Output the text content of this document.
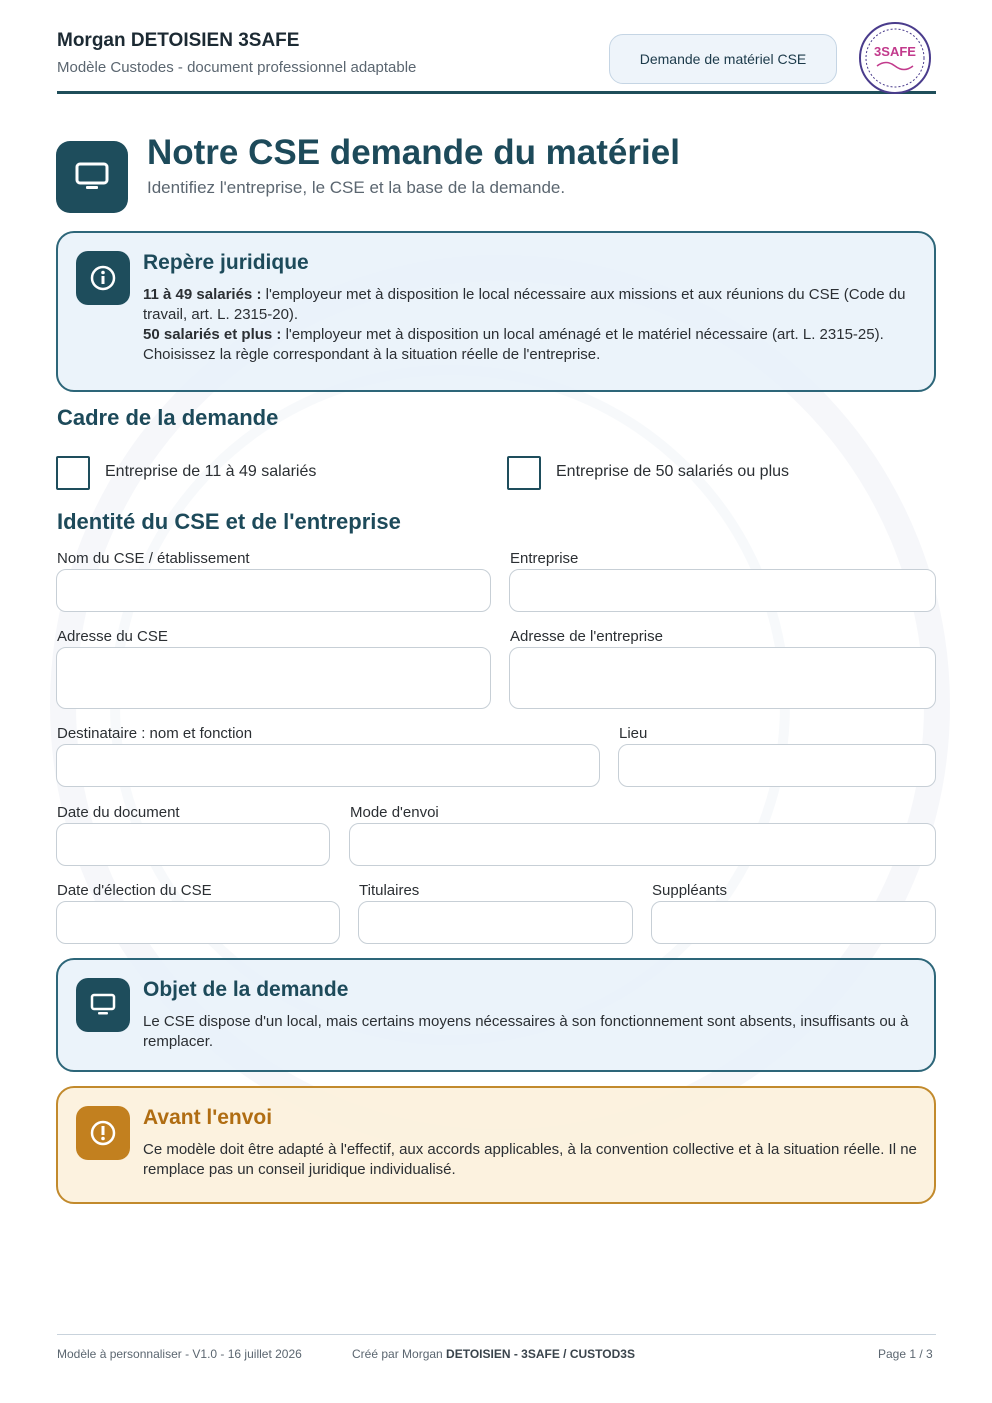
Morgan DETOISIEN 3SAFE
Modèle Custodes - document professionnel adaptable	Demande de matériel CSE	3SAFE
Notre CSE demande du matériel
Identifiez l'entreprise, le CSE et la base de la demande.
Repère juridique
11 à 49 salariés : l'employeur met à disposition le local nécessaire aux missions et aux réunions du CSE (Code du travail, art. L. 2315-20).
50 salariés et plus : l'employeur met à disposition un local aménagé et le matériel nécessaire (art. L. 2315-25).
Choisissez la règle correspondant à la situation réelle de l'entreprise.
Cadre de la demande
Entreprise de 11 à 49 salariés	Entreprise de 50 salariés ou plus
Identité du CSE et de l'entreprise
Nom du CSE / établissement	Entreprise
Adresse du CSE	Adresse de l'entreprise
Destinataire : nom et fonction	Lieu
Date du document	Mode d'envoi
Date d'élection du CSE	Titulaires	Suppléants
Objet de la demande
Le CSE dispose d'un local, mais certains moyens nécessaires à son fonctionnement sont absents, insuffisants ou à remplacer.
Avant l'envoi
Ce modèle doit être adapté à l'effectif, aux accords applicables, à la convention collective et à la situation réelle. Il ne remplace pas un conseil juridique individualisé.
Modèle à personnaliser - V1.0 - 16 juillet 2026	Créé par Morgan DETOISIEN - 3SAFE / CUSTOD3S	Page 1 / 3
